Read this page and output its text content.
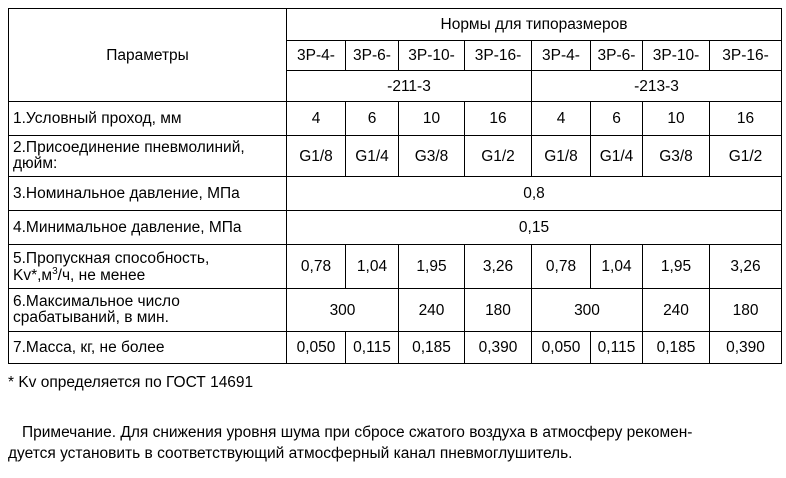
Параметры	Нормы для типоразмеров							
	3Р-4-	3Р-6-	3Р-10-	3Р-16-	3Р-4-	3Р-6-	3Р-10-	3Р-16-
	-211-3				-213-3			
1.Условный проход, мм	4	6	10	16	4	6	10	16
2.Присоединение пневмолиний, дюйм:	G1/8	G1/4	G3/8	G1/2	G1/8	G1/4	G3/8	G1/2
3.Номинальное давление, МПа	0,8							
4.Минимальное давление, МПа	0,15							
5.Пропускная способность,
$Kv*,м^3/ч$, не менее	0,78	1,04	1,95	3,26	0,78	1,04	1,95	3,26
6.Максимальное число срабатываний, в мин.	300		240	180	300		240	180
7.Масса, кг, не более	0,050	0,115	0,185	0,390	0,050	0,115	0,185	0,390
* Kv определяется по ГОСТ 14691
Примечание. Для снижения уровня шума при сбросе сжатого воздуха в атмосферу рекомен-
дуется установить в соответствующий атмосферный канал пневмоглушитель.
